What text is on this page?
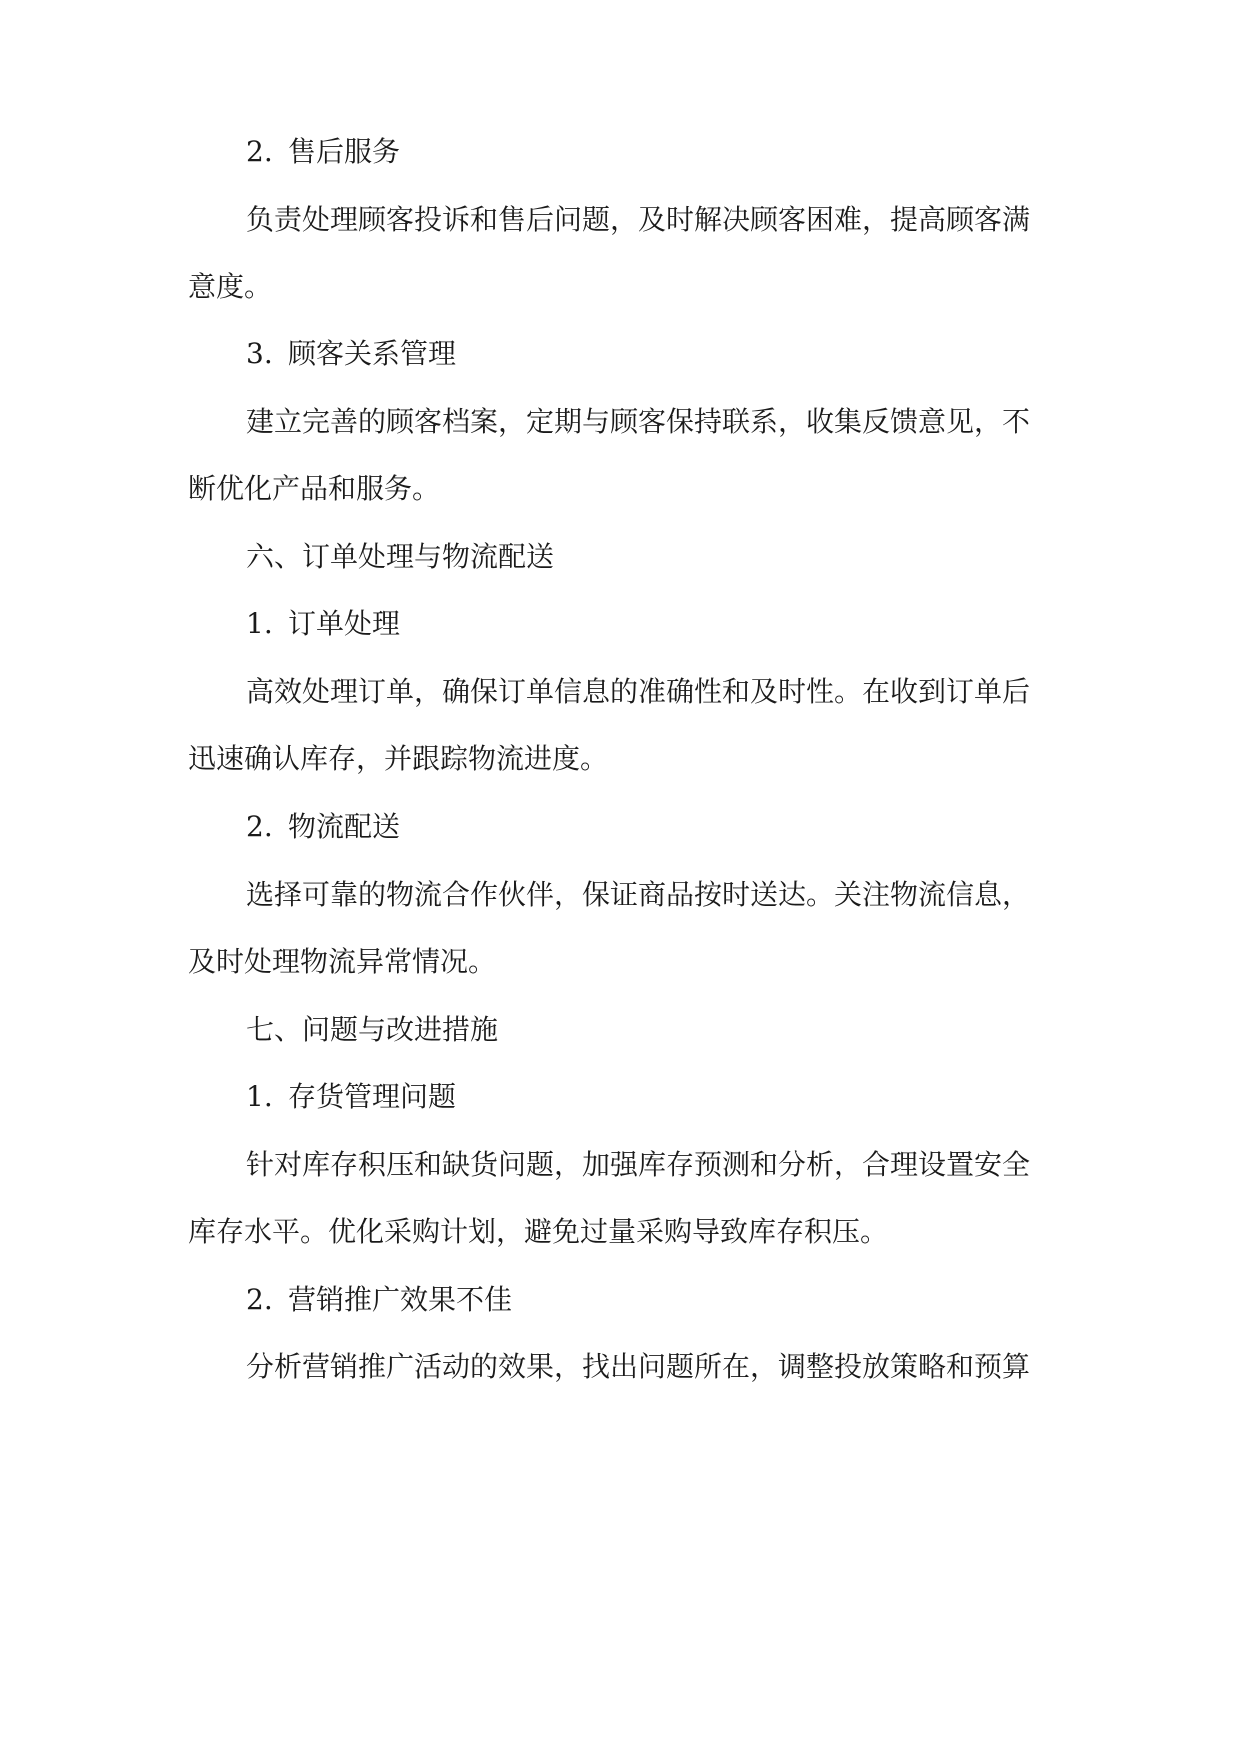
2. 售后服务

负责处理顾客投诉和售后问题，及时解决顾客困难，提高顾客满

意度。

3. 顾客关系管理

建立完善的顾客档案，定期与顾客保持联系，收集反馈意见，不

断优化产品和服务。

六、订单处理与物流配送

1. 订单处理

高效处理订单，确保订单信息的准确性和及时性。在收到订单后

迅速确认库存，并跟踪物流进度。

2. 物流配送

选择可靠的物流合作伙伴，保证商品按时送达。关注物流信息，

及时处理物流异常情况。

七、问题与改进措施

1. 存货管理问题

针对库存积压和缺货问题，加强库存预测和分析，合理设置安全

库存水平。优化采购计划，避免过量采购导致库存积压。

2. 营销推广效果不佳

分析营销推广活动的效果，找出问题所在，调整投放策略和预算
